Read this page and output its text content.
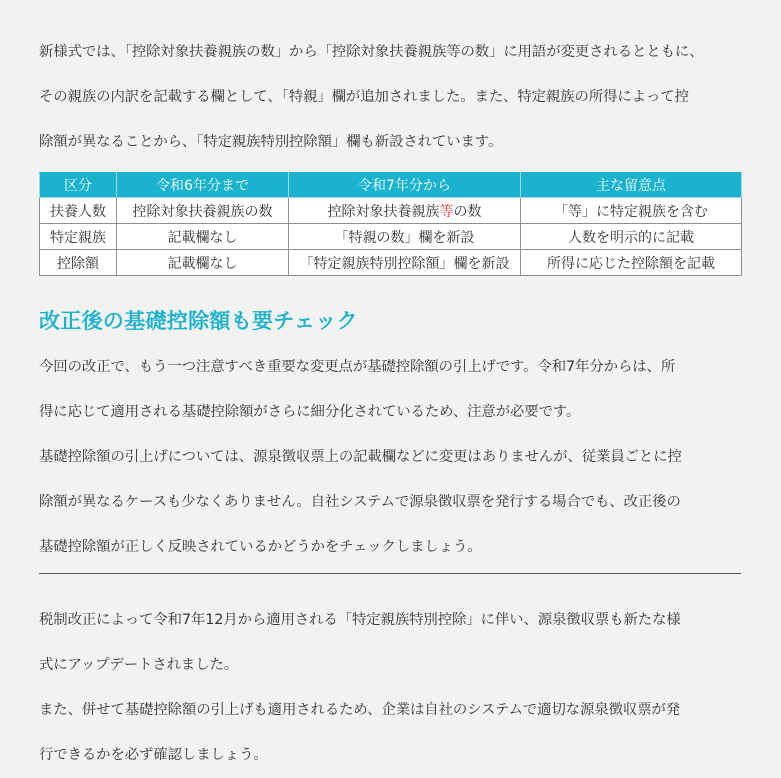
新様式では、「控除対象扶養親族の数」から「控除対象扶養親族等の数」に用語が変更されるとともに、
その親族の内訳を記載する欄として、「特親」欄が追加されました。また、特定親族の所得によって控
除額が異なることから、「特定親族特別控除額」欄も新設されています。

区分	令和6年分まで	令和7年分から	主な留意点
扶養人数	控除対象扶養親族の数	控除対象扶養親族等の数	「等」に特定親族を含む
特定親族	記載欄なし	「特親の数」欄を新設	人数を明示的に記載
控除額	記載欄なし	「特定親族特別控除額」欄を新設	所得に応じた控除額を記載
改正後の基礎控除額も要チェック

今回の改正で、もう一つ注意すべき重要な変更点が基礎控除額の引上げです。令和7年分からは、所
得に応じて適用される基礎控除額がさらに細分化されているため、注意が必要です。

基礎控除額の引上げについては、源泉徴収票上の記載欄などに変更はありませんが、従業員ごとに控
除額が異なるケースも少なくありません。自社システムで源泉徴収票を発行する場合でも、改正後の
基礎控除額が正しく反映されているかどうかをチェックしましょう。

税制改正によって令和7年12月から適用される「特定親族特別控除」に伴い、源泉徴収票も新たな様
式にアップデートされました。

また、併せて基礎控除額の引上げも適用されるため、企業は自社のシステムで適切な源泉徴収票が発
行できるかを必ず確認しましょう。
